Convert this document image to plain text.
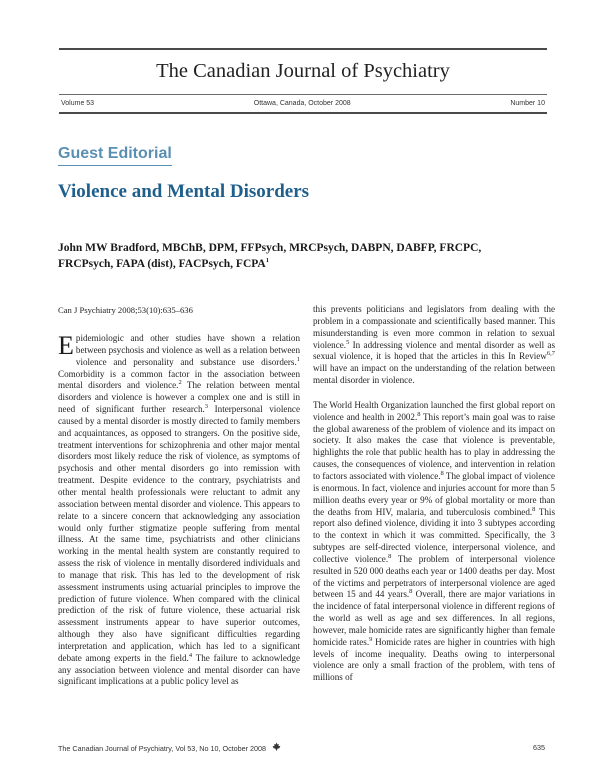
The Canadian Journal of Psychiatry
Volume 53	Ottawa, Canada, October 2008	Number 10
Guest Editorial
Violence and Mental Disorders
John MW Bradford, MBChB, DPM, FFPsych, MRCPsych, DABPN, DABFP, FRCPC,
FRCPsych, FAPA (dist), FACPsych, FCPA$^1$
Can J Psychiatry 2008;53(10):635–636

Epidemiologic and other studies have shown a relation between psychosis and violence as well as a relation between violence and personality and substance use disorders.$^1$ Comorbidity is a common factor in the association between mental disorders and violence.$^2$ The relation between mental disorders and violence is however a complex one and is still in need of significant further research.$^3$ Interpersonal violence caused by a mental disorder is mostly directed to family members and acquaintances, as opposed to strangers. On the positive side, treatment interventions for schizophrenia and other major mental disorders most likely reduce the risk of violence, as symptoms of psychosis and other mental disorders go into remission with treatment. Despite evidence to the contrary, psychiatrists and other mental health professionals were reluctant to admit any association between mental disorder and violence. This appears to relate to a sincere concern that acknowledging any association would only further stigmatize people suffering from mental illness. At the same time, psychiatrists and other clinicians working in the mental health system are constantly required to assess the risk of violence in mentally disordered individuals and to manage that risk. This has led to the development of risk assessment instruments using actuarial principles to improve the prediction of future violence. When compared with the clinical prediction of the risk of future violence, these actuarial risk assessment instruments appear to have superior outcomes, although they also have significant difficulties regarding interpretation and application, which has led to a significant debate among experts in the field.$^4$ The failure to acknowledge any association between violence and mental disorder can have significant implications at a public policy level as

this prevents politicians and legislators from dealing with the problem in a compassionate and scientifically based manner. This misunderstanding is even more common in relation to sexual violence.$^5$ In addressing violence and mental disorder as well as sexual violence, it is hoped that the articles in this In Review$^{6,7}$ will have an impact on the understanding of the relation between mental disorder in violence.

The World Health Organization launched the first global report on violence and health in 2002.$^8$ This report’s main goal was to raise the global awareness of the problem of violence and its impact on society. It also makes the case that violence is preventable, highlights the role that public health has to play in addressing the causes, the consequences of violence, and intervention in relation to factors associated with violence.$^8$ The global impact of violence is enormous. In fact, violence and injuries account for more than 5 million deaths every year or 9% of global mortality or more than the deaths from HIV, malaria, and tuberculosis combined.$^8$ This report also defined violence, dividing it into 3 subtypes according to the context in which it was committed. Specifically, the 3 subtypes are self-directed violence, interpersonal violence, and collective violence.$^8$ The problem of interpersonal violence resulted in 520 000 deaths each year or 1400 deaths per day. Most of the victims and perpetrators of interpersonal violence are aged between 15 and 44 years.$^8$ Overall, there are major variations in the incidence of fatal interpersonal violence in different regions of the world as well as age and sex differences. In all regions, however, male homicide rates are significantly higher than female homicide rates.$^9$ Homicide rates are higher in countries with high levels of income inequality. Deaths owing to interpersonal violence are only a small fraction of the problem, with tens of millions of

The Canadian Journal of Psychiatry, Vol 53, No 10, October 2008	635
